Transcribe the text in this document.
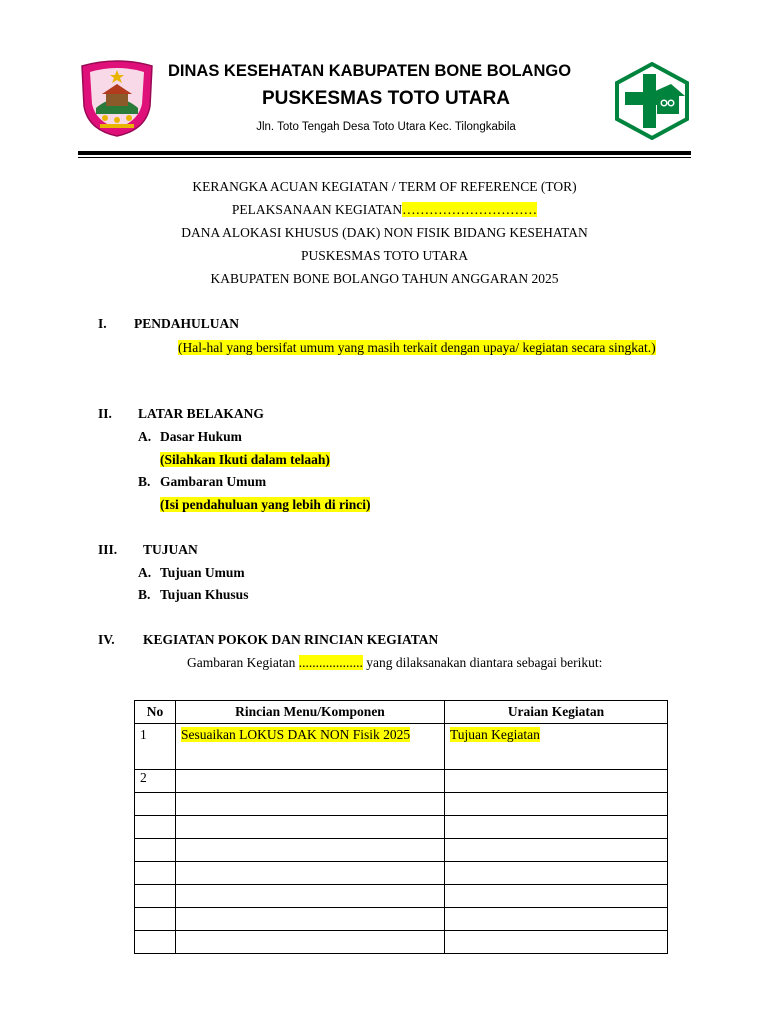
DINAS KESEHATAN KABUPATEN BONE BOLANGO
PUSKESMAS TOTO UTARA
Jln. Toto Tengah Desa Toto Utara Kec. Tilongkabila
KERANGKA ACUAN KEGIATAN / TERM OF REFERENCE (TOR)
PELAKSANAAN KEGIATAN…………………………
DANA ALOKASI KHUSUS (DAK) NON FISIK BIDANG KESEHATAN
PUSKESMAS TOTO UTARA
KABUPATEN BONE BOLANGO TAHUN ANGGARAN 2025
I. PENDAHULUAN
(Hal-hal yang bersifat umum yang masih terkait dengan upaya/ kegiatan secara singkat.)
II. LATAR BELAKANG
A. Dasar Hukum
(Silahkan Ikuti dalam telaah)
B. Gambaran Umum
(Isi pendahuluan yang lebih di rinci)
III. TUJUAN
A. Tujuan Umum
B. Tujuan Khusus
IV. KEGIATAN POKOK DAN RINCIAN KEGIATAN
Gambaran Kegiatan ................... yang dilaksanakan diantara sebagai berikut:
No	Rincian Menu/Komponen	Uraian Kegiatan
1	Sesuaikan LOKUS DAK NON Fisik 2025	Tujuan Kegiatan
2		
